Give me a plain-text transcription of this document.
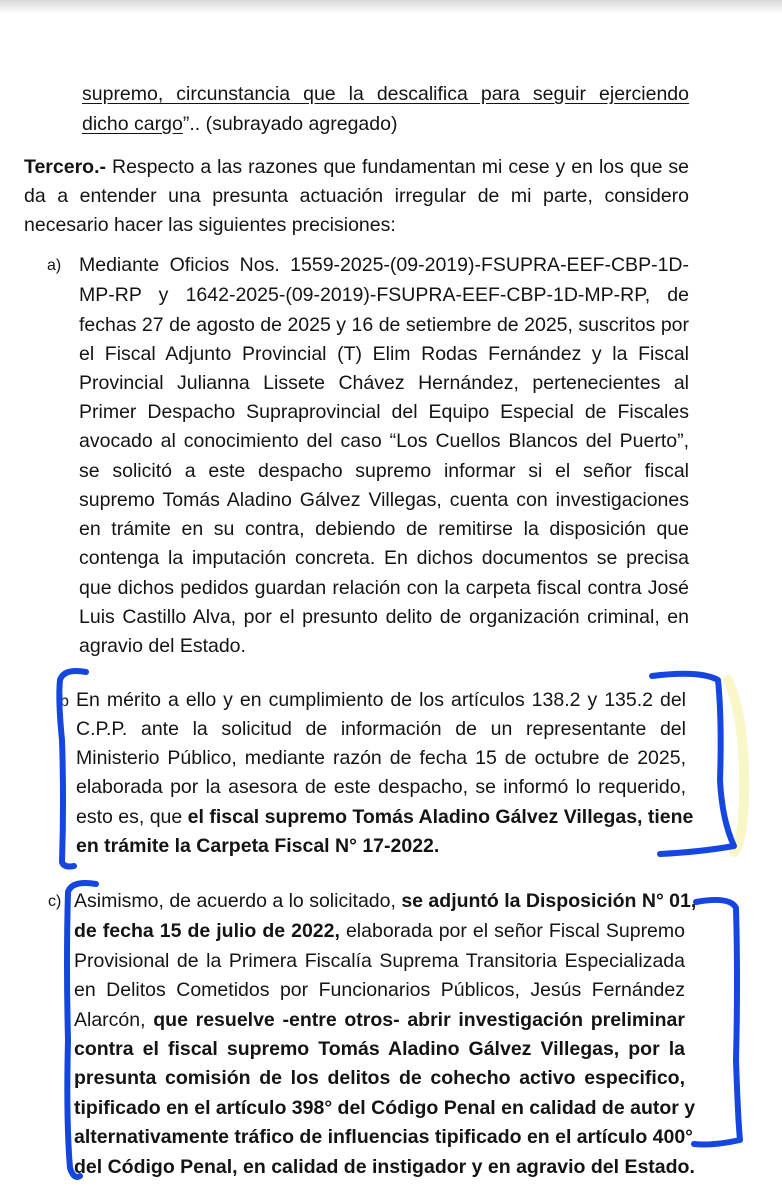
supremo, circunstancia que la descalifica para seguir ejerciendo
dicho cargo”.. (subrayado agregado)
Tercero.- Respecto a las razones que fundamentan mi cese y en los que se
da a entender una presunta actuación irregular de mi parte, considero
necesario hacer las siguientes precisiones:
a) Mediante Oficios Nos. 1559-2025-(09-2019)-FSUPRA-EEF-CBP-1D-
MP-RP y 1642-2025-(09-2019)-FSUPRA-EEF-CBP-1D-MP-RP, de
fechas 27 de agosto de 2025 y 16 de setiembre de 2025, suscritos por
el Fiscal Adjunto Provincial (T) Elim Rodas Fernández y la Fiscal
Provincial Julianna Lissete Chávez Hernández, pertenecientes al
Primer Despacho Supraprovincial del Equipo Especial de Fiscales
avocado al conocimiento del caso “Los Cuellos Blancos del Puerto”,
se solicitó a este despacho supremo informar si el señor fiscal
supremo Tomás Aladino Gálvez Villegas, cuenta con investigaciones
en trámite en su contra, debiendo de remitirse la disposición que
contenga la imputación concreta. En dichos documentos se precisa
que dichos pedidos guardan relación con la carpeta fiscal contra José
Luis Castillo Alva, por el presunto delito de organización criminal, en
agravio del Estado.
b En mérito a ello y en cumplimiento de los artículos 138.2 y 135.2 del
C.P.P. ante la solicitud de información de un representante del
Ministerio Público, mediante razón de fecha 15 de octubre de 2025,
elaborada por la asesora de este despacho, se informó lo requerido,
esto es, que el fiscal supremo Tomás Aladino Gálvez Villegas, tiene
en trámite la Carpeta Fiscal N° 17-2022.
c) Asimismo, de acuerdo a lo solicitado, se adjuntó la Disposición N° 01,
de fecha 15 de julio de 2022, elaborada por el señor Fiscal Supremo
Provisional de la Primera Fiscalía Suprema Transitoria Especializada
en Delitos Cometidos por Funcionarios Públicos, Jesús Fernández
Alarcón, que resuelve -entre otros- abrir investigación preliminar
contra el fiscal supremo Tomás Aladino Gálvez Villegas, por la
presunta comisión de los delitos de cohecho activo especifico,
tipificado en el artículo 398° del Código Penal en calidad de autor y
alternativamente tráfico de influencias tipificado en el artículo 400°
del Código Penal, en calidad de instigador y en agravio del Estado.
